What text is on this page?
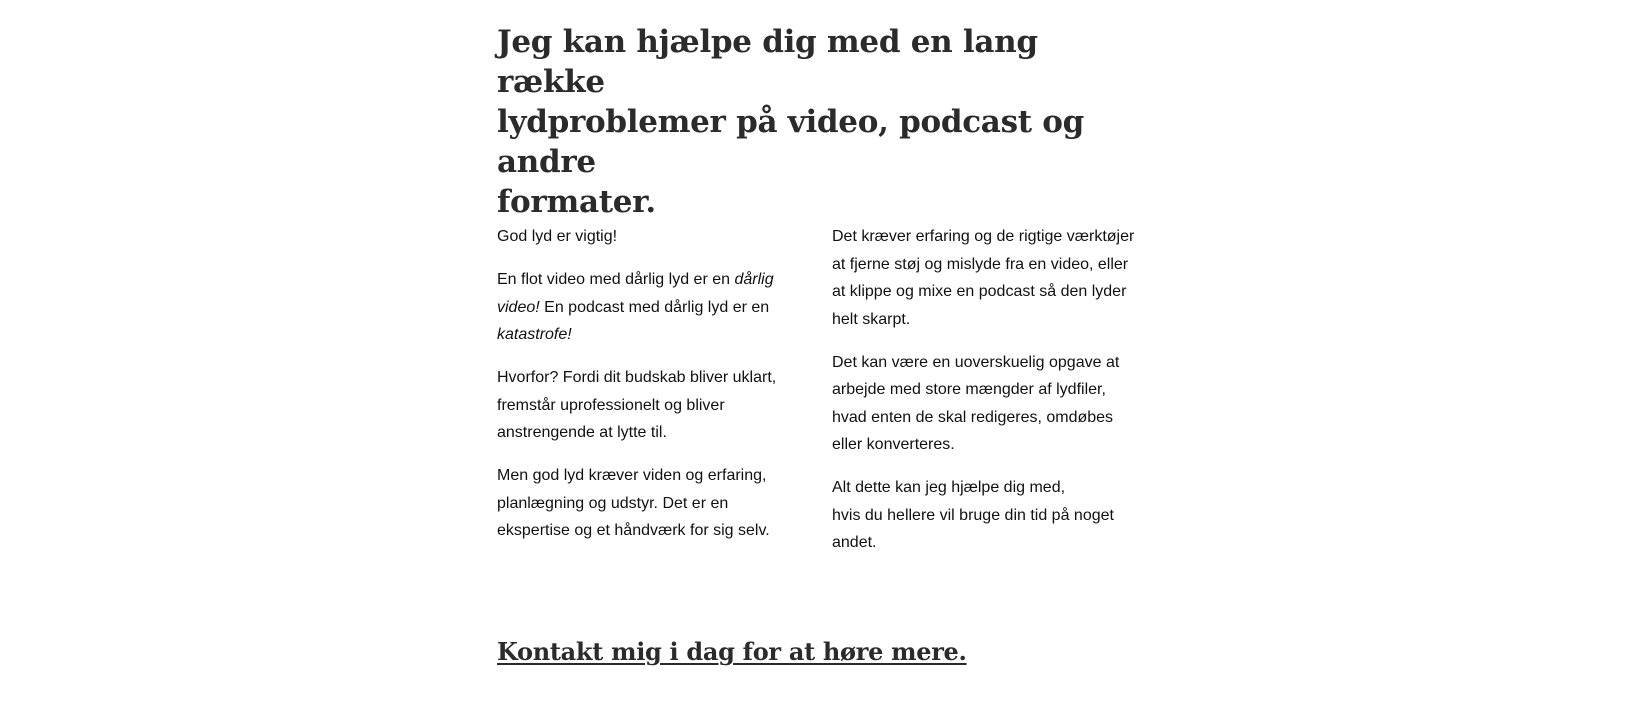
Jeg kan hjælpe dig med en lang række
lydproblemer på video, podcast og andre
formater.

God lyd er vigtig!

En flot video med dårlig lyd er en dårlig
video! En podcast med dårlig lyd er en
katastrofe!

Hvorfor? Fordi dit budskab bliver uklart,
fremstår uprofessionelt og bliver
anstrengende at lytte til.

Men god lyd kræver viden og erfaring,
planlægning og udstyr. Det er en
ekspertise og et håndværk for sig selv.

Det kræver erfaring og de rigtige værktøjer
at fjerne støj og mislyde fra en video, eller
at klippe og mixe en podcast så den lyder
helt skarpt.

Det kan være en uoverskuelig opgave at
arbejde med store mængder af lydfiler,
hvad enten de skal redigeres, omdøbes
eller konverteres.

Alt dette kan jeg hjælpe dig med,
hvis du hellere vil bruge din tid på noget
andet.

Kontakt mig i dag for at høre mere.
